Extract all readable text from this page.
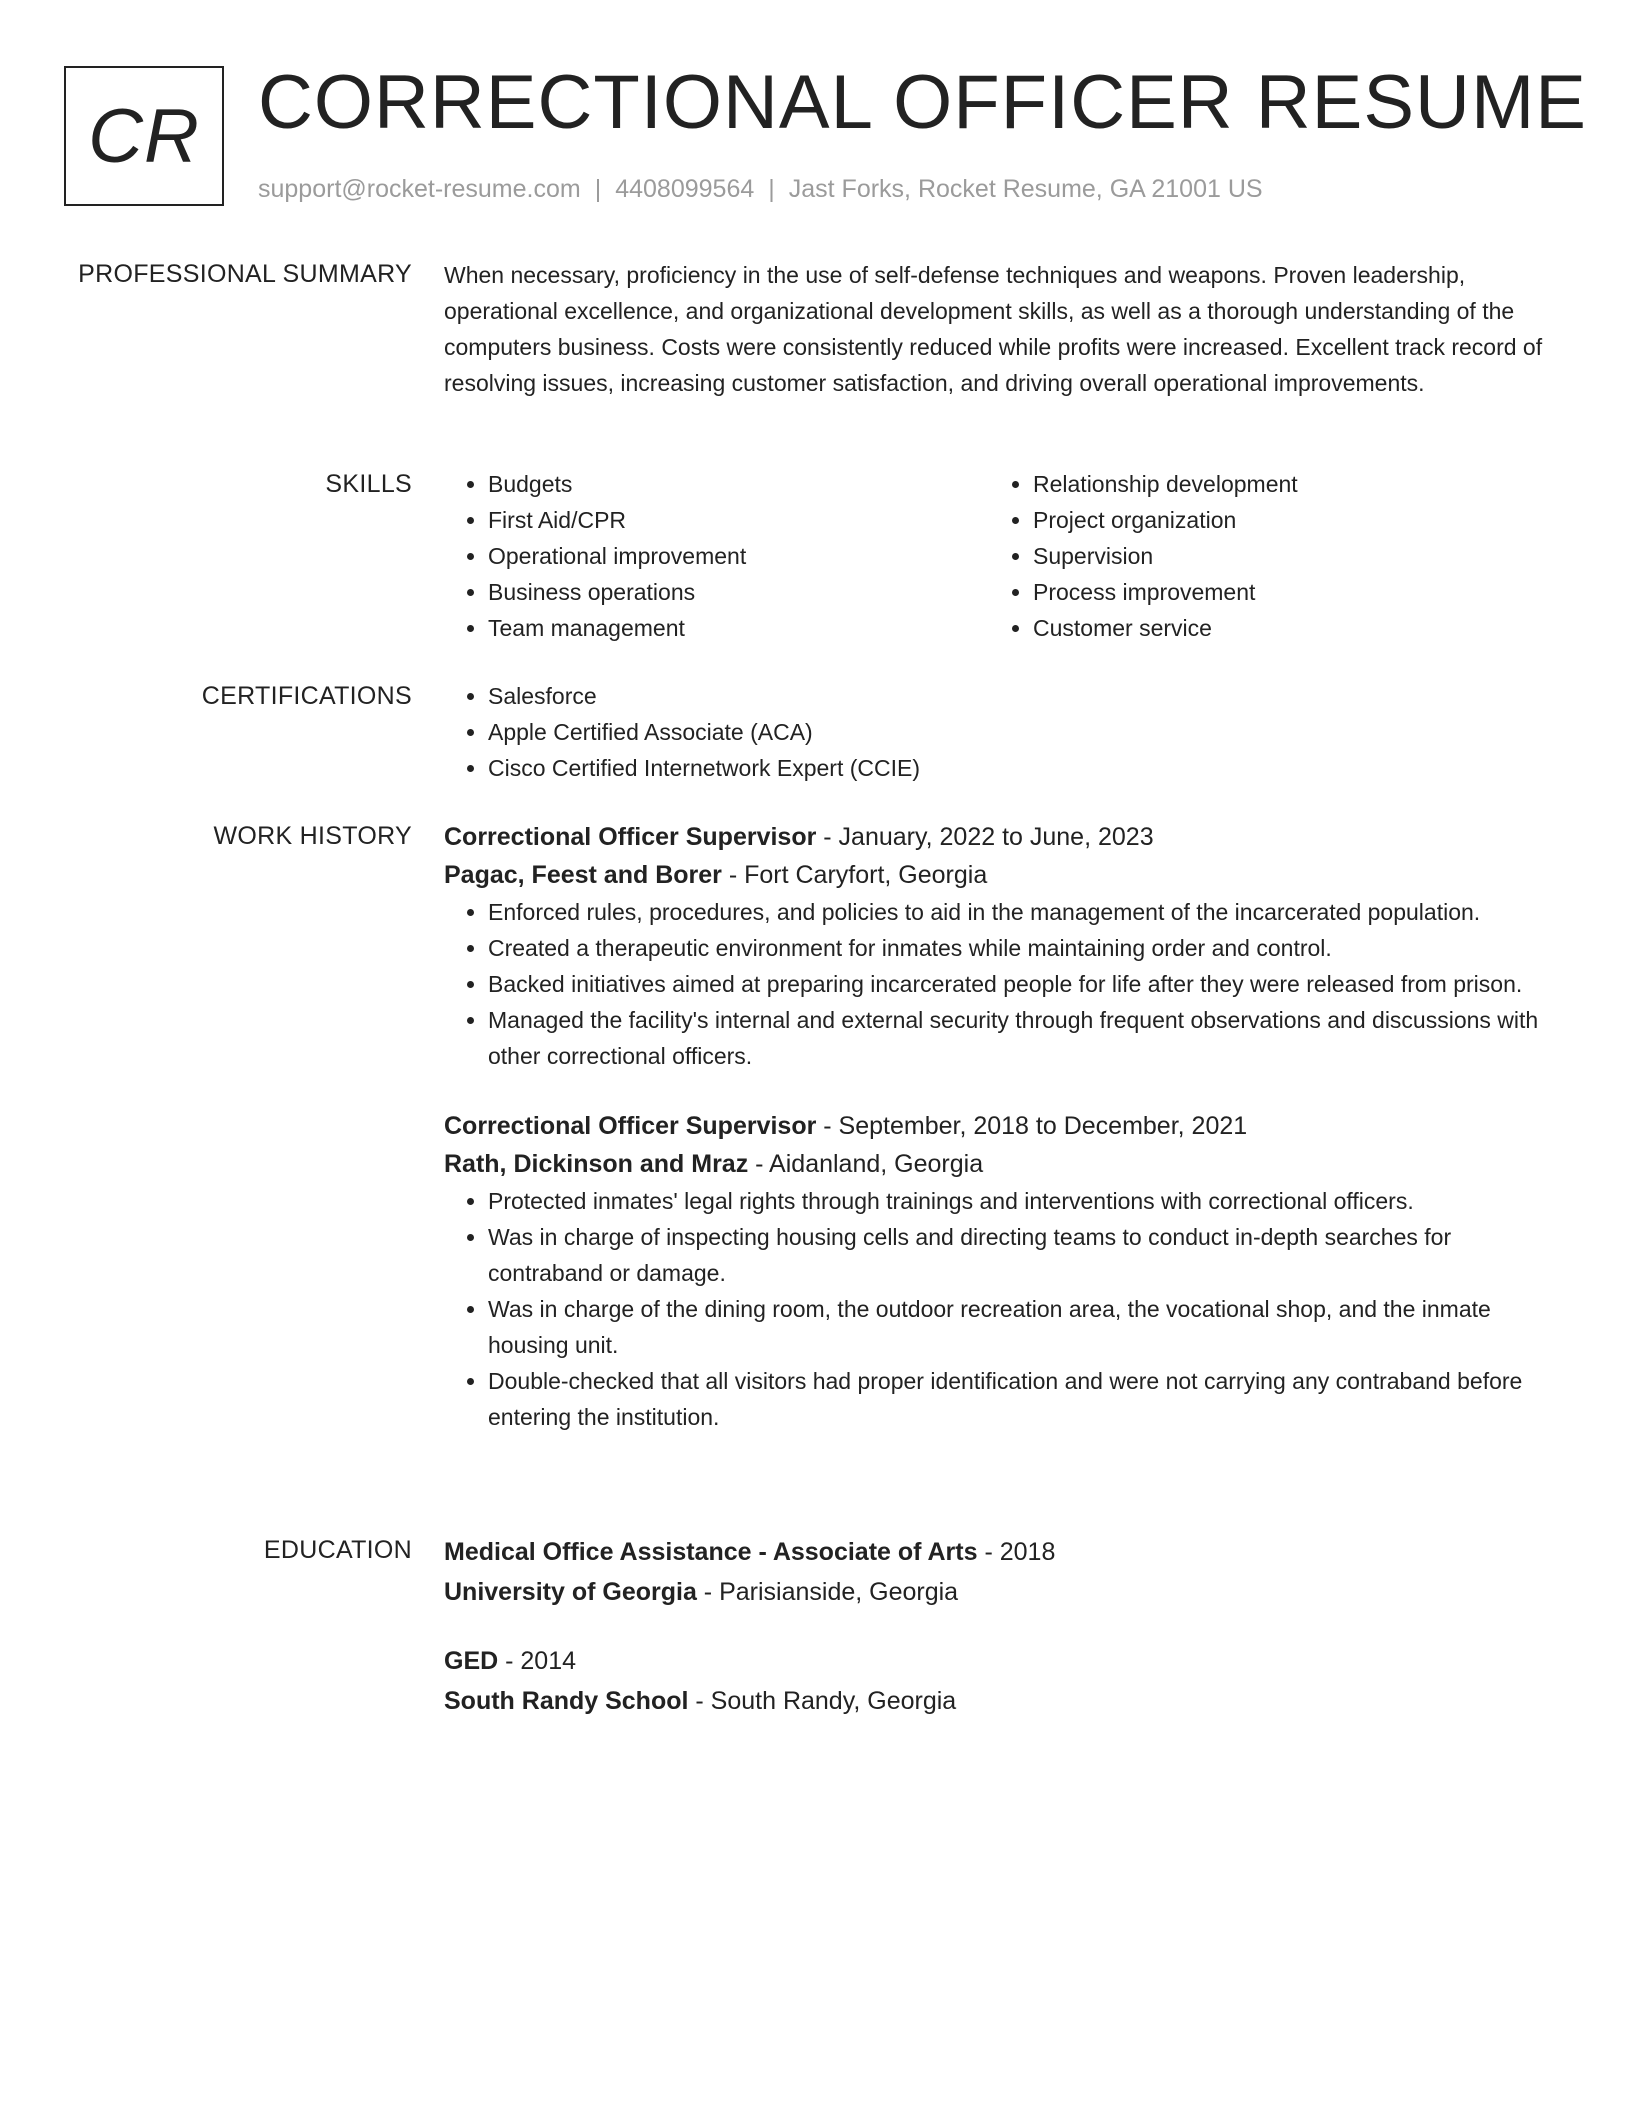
CR CORRECTIONAL OFFICER RESUME
support@rocket-resume.com | 4408099564 | Jast Forks, Rocket Resume, GA 21001 US
PROFESSIONAL SUMMARY When necessary, proficiency in the use of self-defense techniques and weapons. Proven leadership, operational excellence, and organizational development skills, as well as a thorough understanding of the computers business. Costs were consistently reduced while profits were increased. Excellent track record of resolving issues, increasing customer satisfaction, and driving overall operational improvements.

SKILLS	• Budgets
• First Aid/CPR
• Operational improvement
• Business operations
• Team management
• Relationship development
• Project organization
• Supervision
• Process improvement
• Customer service
CERTIFICATIONS	• Salesforce
• Apple Certified Associate (ACA)
• Cisco Certified Internetwork Expert (CCIE)
WORK HISTORY Correctional Officer Supervisor - January, 2022 to June, 2023
Pagac, Feest and Borer - Fort Caryfort, Georgia
• Enforced rules, procedures, and policies to aid in the management of the incarcerated population.
• Created a therapeutic environment for inmates while maintaining order and control.
• Backed initiatives aimed at preparing incarcerated people for life after they were released from prison.
• Managed the facility's internal and external security through frequent observations and discussions with other correctional officers.
Correctional Officer Supervisor - September, 2018 to December, 2021
Rath, Dickinson and Mraz - Aidanland, Georgia
• Protected inmates' legal rights through trainings and interventions with correctional officers.
• Was in charge of inspecting housing cells and directing teams to conduct in-depth searches for contraband or damage.
• Was in charge of the dining room, the outdoor recreation area, the vocational shop, and the inmate housing unit.
• Double-checked that all visitors had proper identification and were not carrying any contraband before entering the institution.
EDUCATION Medical Office Assistance - Associate of Arts - 2018
University of Georgia - Parisianside, Georgia
GED - 2014
South Randy School - South Randy, Georgia
